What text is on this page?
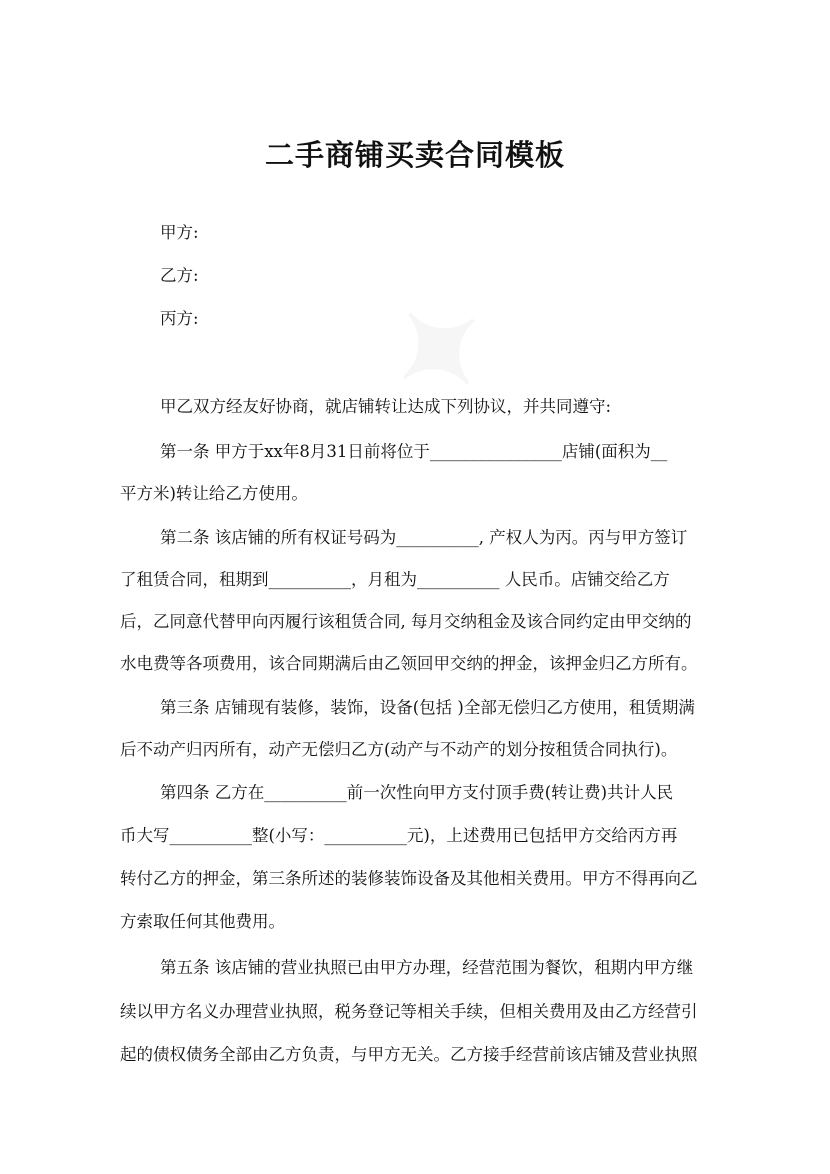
二手商铺买卖合同模板
甲方:
乙方:
丙方:
甲乙双方经友好协商，就店铺转让达成下列协议，并共同遵守:
第一条 甲方于xx年8月31日前将位于________________店铺(面积为__
平方米)转让给乙方使用。
第二条 该店铺的所有权证号码为__________, 产权人为丙。丙与甲方签订
了租赁合同，租期到__________，月租为__________ 人民币。店铺交给乙方
后，乙同意代替甲向丙履行该租赁合同, 每月交纳租金及该合同约定由甲交纳的
水电费等各项费用，该合同期满后由乙领回甲交纳的押金，该押金归乙方所有。
第三条 店铺现有装修，装饰，设备(包括 )全部无偿归乙方使用，租赁期满
后不动产归丙所有，动产无偿归乙方(动产与不动产的划分按租赁合同执行)。
第四条 乙方在__________前一次性向甲方支付顶手费(转让费)共计人民
币大写__________整(小写：__________元)，上述费用已包括甲方交给丙方再
转付乙方的押金，第三条所述的装修装饰设备及其他相关费用。甲方不得再向乙
方索取任何其他费用。
第五条 该店铺的营业执照已由甲方办理，经营范围为餐饮，租期内甲方继
续以甲方名义办理营业执照，税务登记等相关手续，但相关费用及由乙方经营引
起的债权债务全部由乙方负责，与甲方无关。乙方接手经营前该店铺及营业执照
